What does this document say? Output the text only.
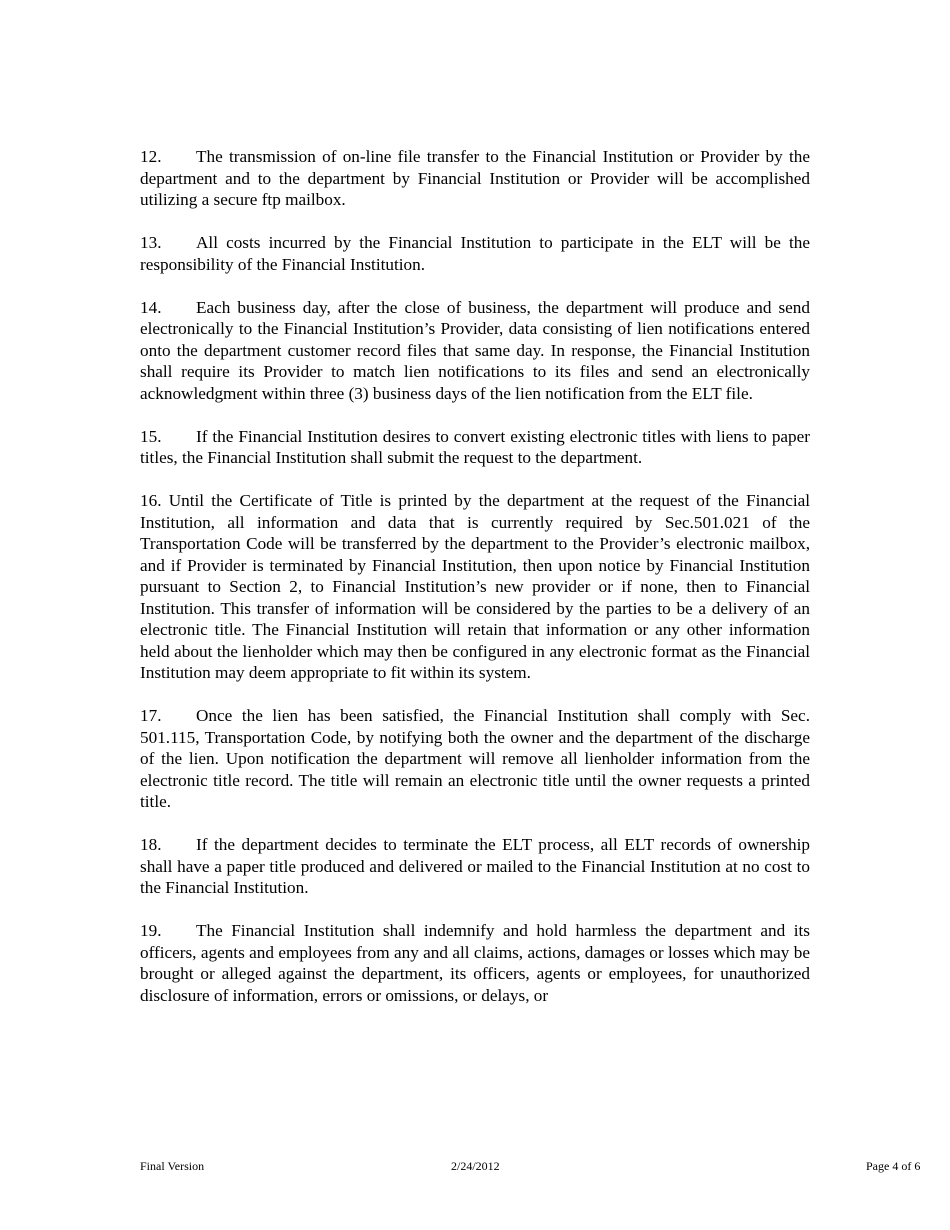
12. The transmission of on-line file transfer to the Financial Institution or Provider by the department and to the department by Financial Institution or Provider will be accomplished utilizing a secure ftp mailbox.

13. All costs incurred by the Financial Institution to participate in the ELT will be the responsibility of the Financial Institution.

14. Each business day, after the close of business, the department will produce and send electronically to the Financial Institution’s Provider, data consisting of lien notifications entered onto the department customer record files that same day. In response, the Financial Institution shall require its Provider to match lien notifications to its files and send an electronically acknowledgment within three (3) business days of the lien notification from the ELT file.

15. If the Financial Institution desires to convert existing electronic titles with liens to paper titles, the Financial Institution shall submit the request to the department.

16. Until the Certificate of Title is printed by the department at the request of the Financial Institution, all information and data that is currently required by Sec.501.021 of the Transportation Code will be transferred by the department to the Provider’s electronic mailbox, and if Provider is terminated by Financial Institution, then upon notice by Financial Institution pursuant to Section 2, to Financial Institution’s new provider or if none, then to Financial Institution. This transfer of information will be considered by the parties to be a delivery of an electronic title. The Financial Institution will retain that information or any other information held about the lienholder which may then be configured in any electronic format as the Financial Institution may deem appropriate to fit within its system.

17. Once the lien has been satisfied, the Financial Institution shall comply with Sec. 501.115, Transportation Code, by notifying both the owner and the department of the discharge of the lien. Upon notification the department will remove all lienholder information from the electronic title record. The title will remain an electronic title until the owner requests a printed title.

18. If the department decides to terminate the ELT process, all ELT records of ownership shall have a paper title produced and delivered or mailed to the Financial Institution at no cost to the Financial Institution.

19. The Financial Institution shall indemnify and hold harmless the department and its officers, agents and employees from any and all claims, actions, damages or losses which may be brought or alleged against the department, its officers, agents or employees, for unauthorized disclosure of information, errors or omissions, or delays, or

Final Version	2/24/2012	Page 4 of 6
